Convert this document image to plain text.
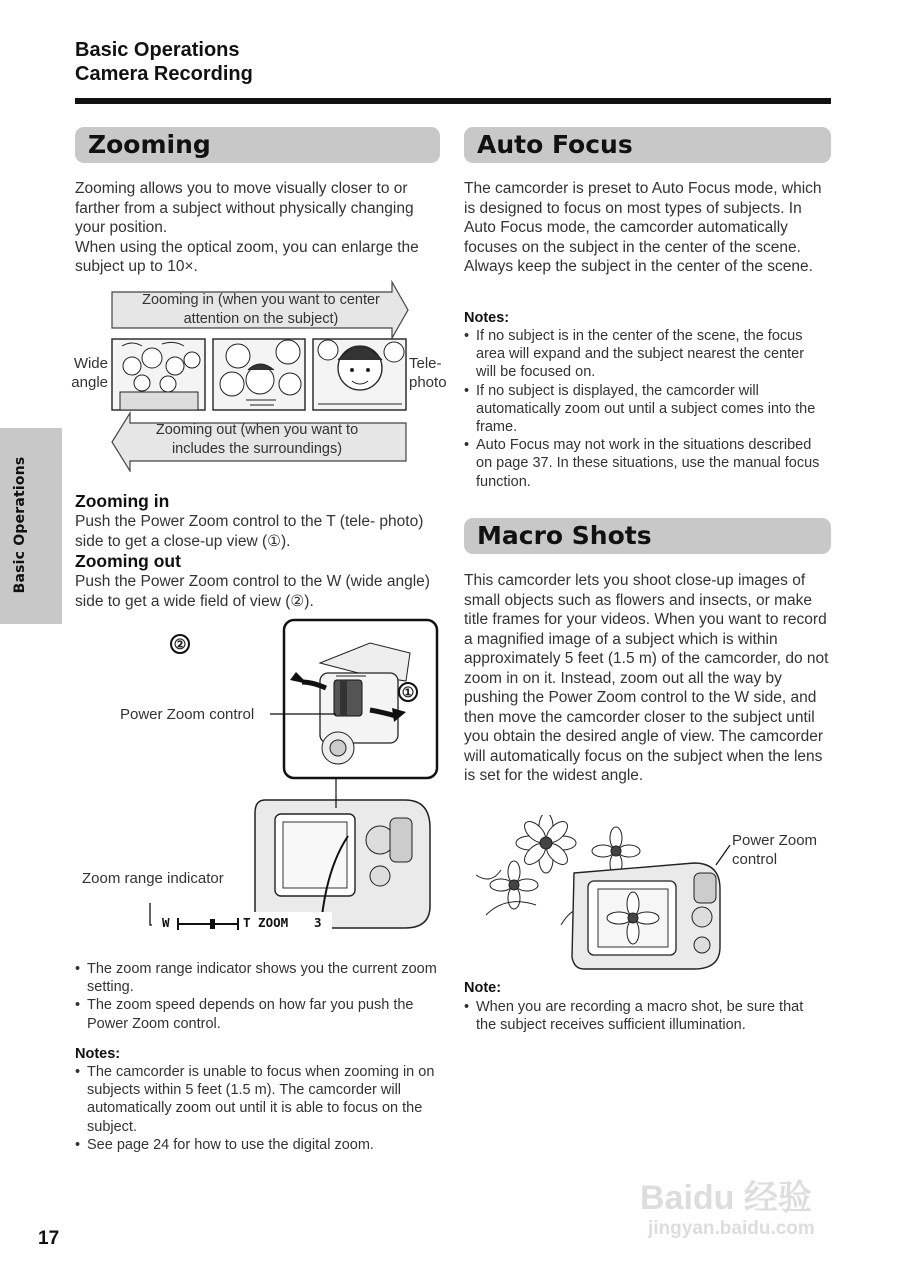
Basic Operations
Camera Recording
Basic Operations
Zooming
Zooming allows you to move visually closer to or farther from a subject without physically changing your position.
When using the optical zoom, you can enlarge the subject up to 10×.
Zooming in (when you want to center attention on the subject)
Zooming out (when you want to includes the surroundings)
Wide angle
Tele- photo
Zooming in
Push the Power Zoom control to the T (tele- photo) side to get a close-up view (①).
Zooming out
Push the Power Zoom control to the W (wide angle) side to get a wide field of view (②).
②
①
Power Zoom control
Zoom range indicator
W	T ZOOM 3
• The zoom range indicator shows you the current zoom setting.
• The zoom speed depends on how far you push the Power Zoom control.
Notes:
• The camcorder is unable to focus when zooming in on subjects within 5 feet (1.5 m). The camcorder will automatically zoom out until it is able to focus on the subject.
• See page 24 for how to use the digital zoom.
Auto Focus
The camcorder is preset to Auto Focus mode, which is designed to focus on most types of subjects. In Auto Focus mode, the camcorder automatically focuses on the subject in the center of the scene. Always keep the subject in the center of the scene.
Notes:
• If no subject is in the center of the scene, the focus area will expand and the subject nearest the center will be focused on.
• If no subject is displayed, the camcorder will automatically zoom out until a subject comes into the frame.
• Auto Focus may not work in the situations described on page 37. In these situations, use the manual focus function.
Macro Shots
This camcorder lets you shoot close-up images of small objects such as flowers and insects, or make title frames for your videos. When you want to record a magnified image of a subject which is within approximately 5 feet (1.5 m) of the camcorder, do not zoom in on it. Instead, zoom out all the way by pushing the Power Zoom control to the W side, and then move the camcorder closer to the subject until you obtain the desired angle of view. The camcorder will automatically focus on the subject when the lens is set for the widest angle.
Power Zoom control
Note:
• When you are recording a macro shot, be sure that the subject receives sufficient illumination.
17
Baidu 经验
jingyan.baidu.com
